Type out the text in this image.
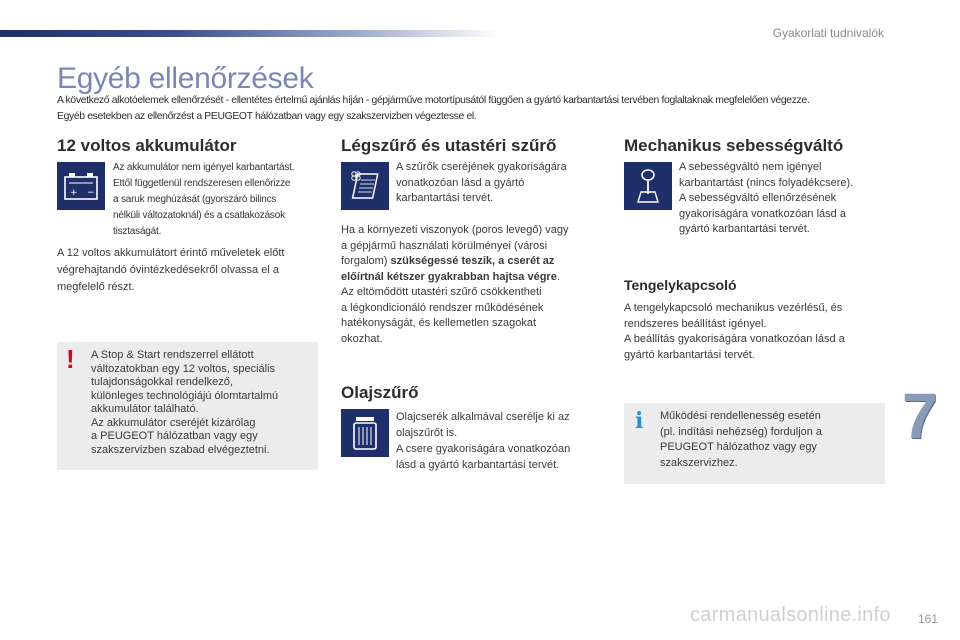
Gyakorlati tudnivalók
Egyéb ellenőrzések

A következő alkotóelemek ellenőrzését - ellentétes értelmű ajánlás híján - gépjárműve motortípusától függően a gyártó karbantartási tervében foglaltaknak megfelelően végezze.
Egyéb esetekben az ellenőrzést a PEUGEOT hálózatban vagy egy szakszervizben végeztesse el.

12 voltos akkumulátor
+ −

Az akkumulátor nem igényel karbantartást.
Ettől függetlenül rendszeresen ellenőrizze
a saruk meghúzását (gyorszáró bilincs
nélküli változatoknál) és a csatlakozások
tisztaságát.

A 12 voltos akkumulátort érintő műveletek előtt
végrehajtandó óvintézkedésekről olvassa el a
megfelelő részt.

! A Stop & Start rendszerrel ellátott
változatokban egy 12 voltos, speciális
tulajdonságokkal rendelkező,
különleges technológiájú ólomtartalmú
akkumulátor található.
Az akkumulátor cseréjét kizárólag
a PEUGEOT hálózatban vagy egy
szakszervizben szabad elvégeztetni.

Légszűrő és utastéri szűrő

A szűrők cseréjének gyakoriságára
vonatkozóan lásd a gyártó
karbantartási tervét.

Ha a környezeti viszonyok (poros levegő) vagy
a gépjármű használati körülményei (városi
forgalom) szükségessé teszik, a cserét az
előírtnál kétszer gyakrabban hajtsa végre.
Az eltömődött utastéri szűrő csökkentheti
a légkondicionáló rendszer működésének
hatékonyságát, és kellemetlen szagokat
okozhat.

Olajszűrő

Olajcserék alkalmával cserélje ki az
olajszűrőt is.
A csere gyakoriságára vonatkozóan
lásd a gyártó karbantartási tervét.

Mechanikus sebességváltó

A sebességváltó nem igényel
karbantartást (nincs folyadékcsere).
A sebességváltó ellenőrzésének
gyakoriságára vonatkozóan lásd a
gyártó karbantartási tervét.

Tengelykapcsoló

A tengelykapcsoló mechanikus vezérlésű, és
rendszeres beállítást igényel.
A beállítás gyakoriságára vonatkozóan lásd a
gyártó karbantartási tervét.

i Működési rendellenesség esetén
(pl. indítási nehézség) forduljon a
PEUGEOT hálózathoz vagy egy
szakszervizhez.

7
carmanualsonline.info 161
